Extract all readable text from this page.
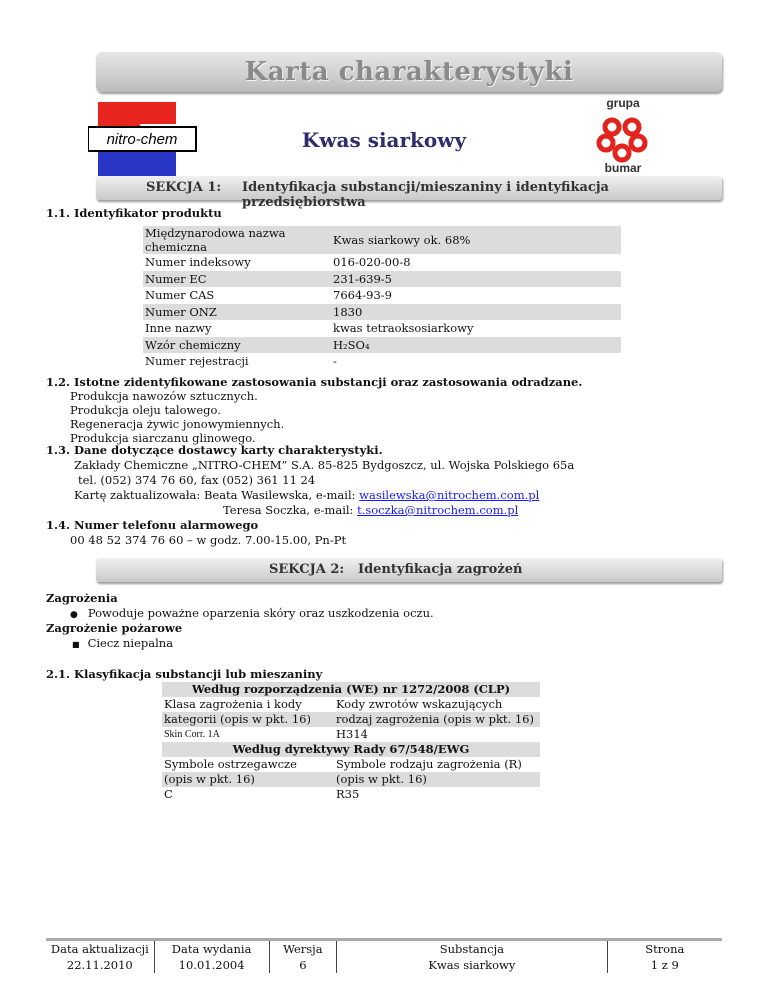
Karta charakterystyki
nitro-chem	Kwas siarkowy
grupa
bumar
SEKCJA 1: Identyfikacja substancji/mieszaniny i identyfikacja przedsiębiorstwa
1.1. Identyfikator produktu
Międzynarodowa nazwa chemiczna	Kwas siarkowy ok. 68%
Numer indeksowy	016-020-00-8
Numer EC	231-639-5
Numer CAS	7664-93-9
Numer ONZ	1830
Inne nazwy	kwas tetraoksosiarkowy
Wzór chemiczny	H₂SO₄
Numer rejestracji	-
1.2. Istotne zidentyfikowane zastosowania substancji oraz zastosowania odradzane.
Produkcja nawozów sztucznych.
Produkcja oleju talowego.
Regeneracja żywic jonowymiennych.
Produkcja siarczanu glinowego.
1.3. Dane dotyczące dostawcy karty charakterystyki.
Zakłady Chemiczne „NITRO-CHEM” S.A. 85-825 Bydgoszcz, ul. Wojska Polskiego 65a
tel. (052) 374 76 60, fax (052) 361 11 24
Kartę zaktualizowała: Beata Wasilewska, e-mail: wasilewska@nitrochem.com.pl
Teresa Soczka, e-mail: t.soczka@nitrochem.com.pl
1.4. Numer telefonu alarmowego
00 48 52 374 76 60 – w godz. 7.00-15.00, Pn-Pt
SEKCJA 2: Identyfikacja zagrożeń
Zagrożenia
● Powoduje poważne oparzenia skóry oraz uszkodzenia oczu.
Zagrożenie pożarowe
■ Ciecz niepalna
2.1. Klasyfikacja substancji lub mieszaniny
Według rozporządzenia (WE) nr 1272/2008 (CLP)
Klasa zagrożenia i kody	Kody zwrotów wskazujących
kategorii (opis w pkt. 16)	rodzaj zagrożenia (opis w pkt. 16)
Skin Corr. 1A	H314
Według dyrektywy Rady 67/548/EWG
Symbole ostrzegawcze	Symbole rodzaju zagrożenia (R)
(opis w pkt. 16)	(opis w pkt. 16)
C	R35
Data aktualizacji	Data wydania	Wersja	Substancja	Strona
22.11.2010	10.01.2004	6	Kwas siarkowy	1 z 9
